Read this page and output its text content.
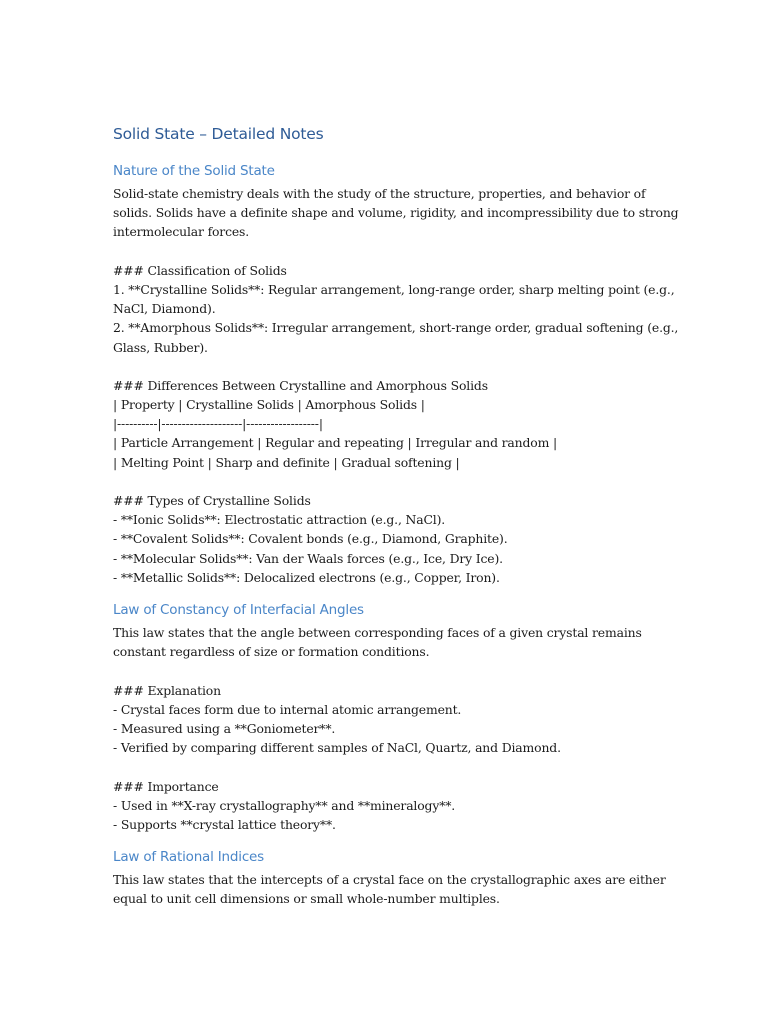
Solid State – Detailed Notes
Nature of the Solid State
Solid-state chemistry deals with the study of the structure, properties, and behavior of
solids. Solids have a definite shape and volume, rigidity, and incompressibility due to strong
intermolecular forces.
### Classification of Solids
1. **Crystalline Solids**: Regular arrangement, long-range order, sharp melting point (e.g.,
NaCl, Diamond).
2. **Amorphous Solids**: Irregular arrangement, short-range order, gradual softening (e.g.,
Glass, Rubber).
### Differences Between Crystalline and Amorphous Solids
| Property | Crystalline Solids | Amorphous Solids |
|----------|--------------------|------------------|
| Particle Arrangement | Regular and repeating | Irregular and random |
| Melting Point | Sharp and definite | Gradual softening |
### Types of Crystalline Solids
- **Ionic Solids**: Electrostatic attraction (e.g., NaCl).
- **Covalent Solids**: Covalent bonds (e.g., Diamond, Graphite).
- **Molecular Solids**: Van der Waals forces (e.g., Ice, Dry Ice).
- **Metallic Solids**: Delocalized electrons (e.g., Copper, Iron).
Law of Constancy of Interfacial Angles
This law states that the angle between corresponding faces of a given crystal remains
constant regardless of size or formation conditions.
### Explanation
- Crystal faces form due to internal atomic arrangement.
- Measured using a **Goniometer**.
- Verified by comparing different samples of NaCl, Quartz, and Diamond.
### Importance
- Used in **X-ray crystallography** and **mineralogy**.
- Supports **crystal lattice theory**.
Law of Rational Indices
This law states that the intercepts of a crystal face on the crystallographic axes are either
equal to unit cell dimensions or small whole-number multiples.
